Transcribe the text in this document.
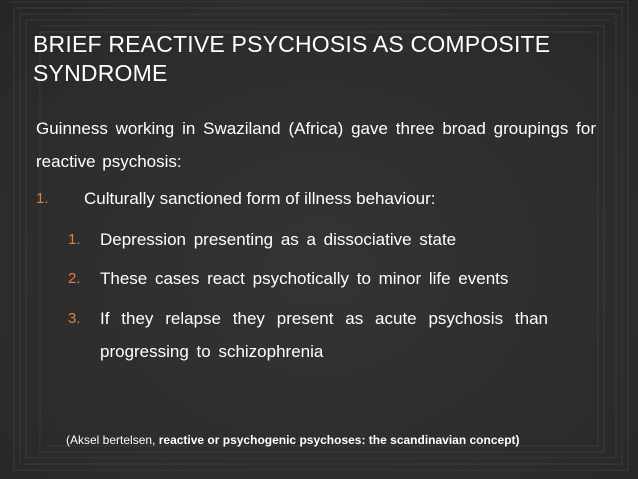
BRIEF REACTIVE PSYCHOSIS AS COMPOSITE SYNDROME
Guinness working in Swaziland (Africa) gave three broad groupings for reactive psychosis:
1. Culturally sanctioned form of illness behaviour:
1. Depression presenting as a dissociative state
2. These cases react psychotically to minor life events
3. If they relapse they present as acute psychosis than progressing to schizophrenia
(Aksel bertelsen, reactive or psychogenic psychoses: the scandinavian concept)
